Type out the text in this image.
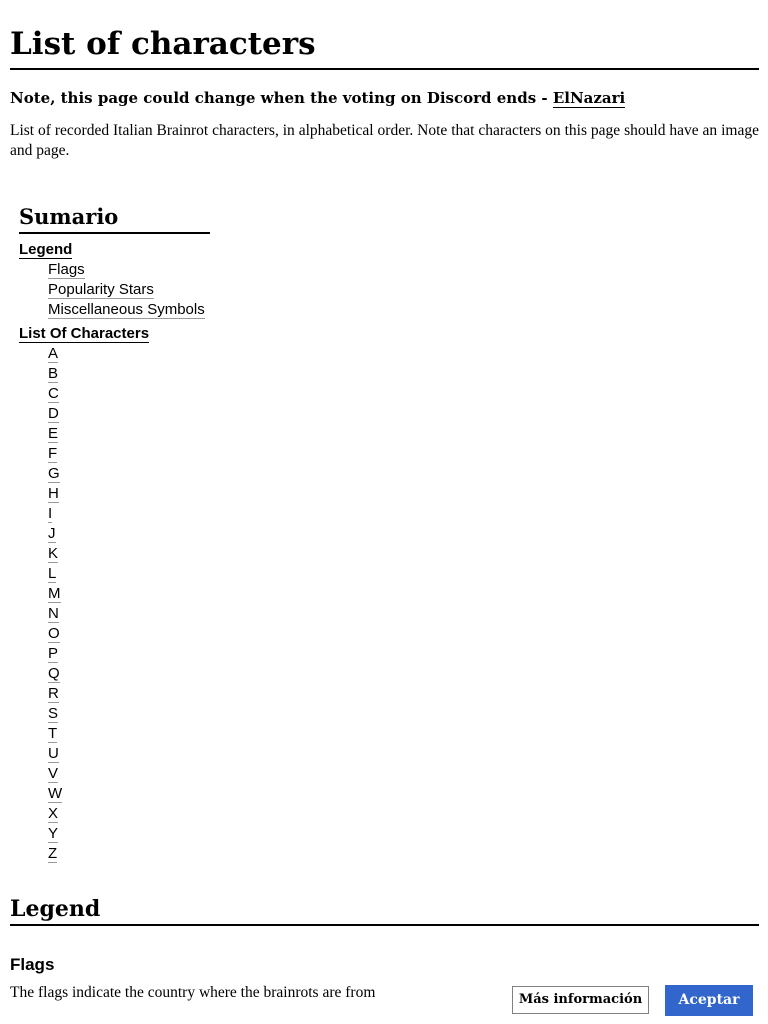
List of characters
Note, this page could change when the voting on Discord ends - ElNazari

List of recorded Italian Brainrot characters, in alphabetical order. Note that characters on this page should have an image and page.

Sumario
Legend
Flags
Popularity Stars
Miscellaneous Symbols
List Of Characters
A
B
C
D
E
F
G
H
I
J
K
L
M
N
O
P
Q
R
S
T
U
V
W
X
Y
Z
Legend
Flags

The flags indicate the country where the brainrots are from	Más información	Aceptar
